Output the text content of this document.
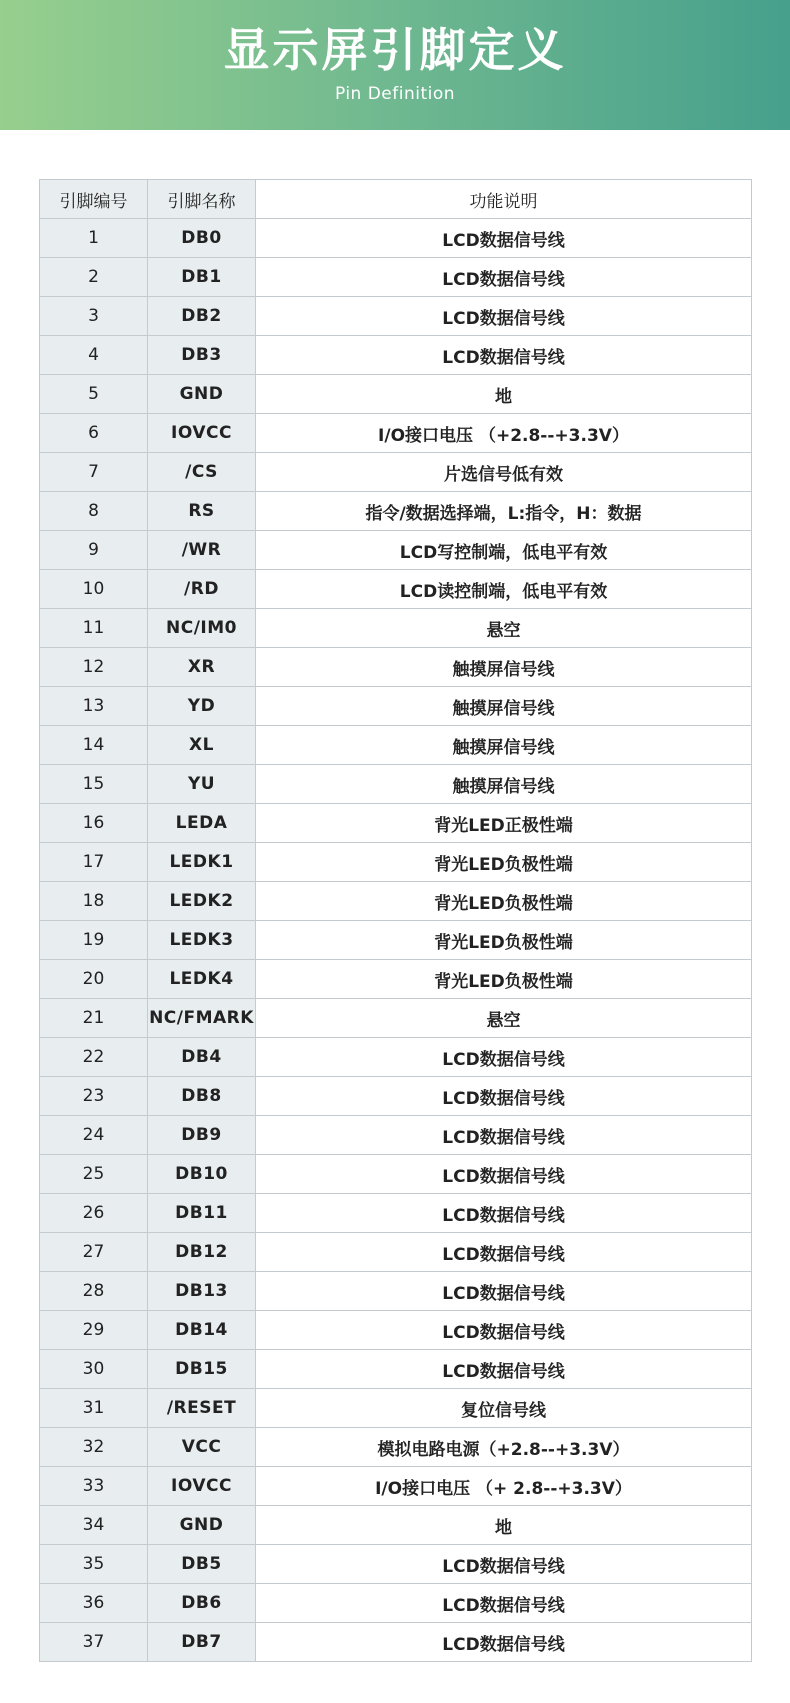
显示屏引脚定义
Pin Definition
引脚编号	引脚名称	功能说明
1	DB0	LCD数据信号线
2	DB1	LCD数据信号线
3	DB2	LCD数据信号线
4	DB3	LCD数据信号线
5	GND	地
6	IOVCC	I/O接口电压 （+2.8--+3.3V）
7	/CS	片选信号低有效
8	RS	指令/数据选择端，L:指令，H：数据
9	/WR	LCD写控制端，低电平有效
10	/RD	LCD读控制端，低电平有效
11	NC/IM0	悬空
12	XR	触摸屏信号线
13	YD	触摸屏信号线
14	XL	触摸屏信号线
15	YU	触摸屏信号线
16	LEDA	背光LED正极性端
17	LEDK1	背光LED负极性端
18	LEDK2	背光LED负极性端
19	LEDK3	背光LED负极性端
20	LEDK4	背光LED负极性端
21	NC/FMARK	悬空
22	DB4	LCD数据信号线
23	DB8	LCD数据信号线
24	DB9	LCD数据信号线
25	DB10	LCD数据信号线
26	DB11	LCD数据信号线
27	DB12	LCD数据信号线
28	DB13	LCD数据信号线
29	DB14	LCD数据信号线
30	DB15	LCD数据信号线
31	/RESET	复位信号线
32	VCC	模拟电路电源（+2.8--+3.3V）
33	IOVCC	I/O接口电压 （+ 2.8--+3.3V）
34	GND	地
35	DB5	LCD数据信号线
36	DB6	LCD数据信号线
37	DB7	LCD数据信号线
